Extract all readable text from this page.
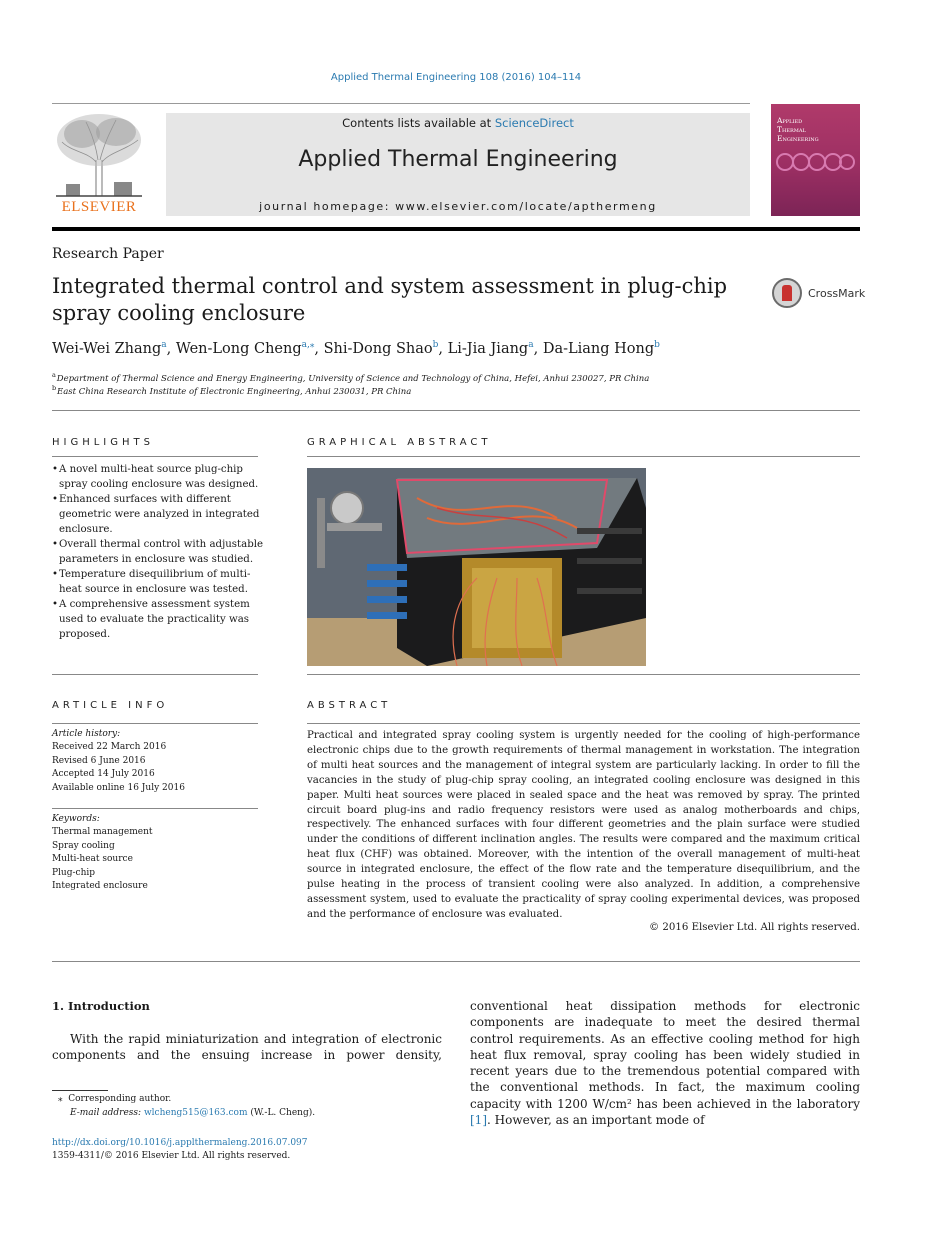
Applied Thermal Engineering 108 (2016) 104–114
ELSEVIER
Contents lists available at ScienceDirect
Applied Thermal Engineering
journal homepage: www.elsevier.com/locate/apthermeng
Applied
Thermal
Engineering
Research Paper
Integrated thermal control and system assessment in plug-chip spray cooling enclosure
CrossMark
Wei-Wei Zhang$^a$, Wen-Long Cheng$^{a,⁎}$, Shi-Dong Shao$^b$, Li-Jia Jiang$^a$, Da-Liang Hong$^b$
$^a$ Department of Thermal Science and Energy Engineering, University of Science and Technology of China, Hefei, Anhui 230027, PR China
$^b$ East China Research Institute of Electronic Engineering, Anhui 230031, PR China
HIGHLIGHTS
• A novel multi-heat source plug-chip spray cooling enclosure was designed.
• Enhanced surfaces with different geometric were analyzed in integrated enclosure.
• Overall thermal control with adjustable parameters in enclosure was studied.
• Temperature disequilibrium of multi-heat source in enclosure was tested.
• A comprehensive assessment system used to evaluate the practicality was proposed.
GRAPHICAL ABSTRACT
ARTICLE INFO
Article history:
Received 22 March 2016
Revised 6 June 2016
Accepted 14 July 2016
Available online 16 July 2016
Keywords:
Thermal management
Spray cooling
Multi-heat source
Plug-chip
Integrated enclosure
ABSTRACT
Practical and integrated spray cooling system is urgently needed for the cooling of high-performance electronic chips due to the growth requirements of thermal management in workstation. The integration of multi heat sources and the management of integral system are particularly lacking. In order to fill the vacancies in the study of plug-chip spray cooling, an integrated cooling enclosure was designed in this paper. Multi heat sources were placed in sealed space and the heat was removed by spray. The printed circuit board plug-ins and radio frequency resistors were used as analog motherboards and chips, respectively. The enhanced surfaces with four different geometries and the plain surface were studied under the conditions of different inclination angles. The results were compared and the maximum critical heat flux (CHF) was obtained. Moreover, with the intention of the overall management of multi-heat source in integrated enclosure, the effect of the flow rate and the temperature disequilibrium, and the pulse heating in the process of transient cooling were also analyzed. In addition, a comprehensive assessment system, used to evaluate the practicality of spray cooling experimental devices, was proposed and the performance of enclosure was evaluated.
© 2016 Elsevier Ltd. All rights reserved.
1. Introduction
With the rapid miniaturization and integration of electronic components and the ensuing increase in power density,
conventional heat dissipation methods for electronic components are inadequate to meet the desired thermal control requirements. As an effective cooling method for high heat flux removal, spray cooling has been widely studied in recent years due to the tremendous potential compared with the conventional methods. In fact, the maximum cooling capacity with 1200 W/cm² has been achieved in the laboratory [1]. However, as an important mode of
⁎ Corresponding author.
E-mail address: wlcheng515@163.com (W.-L. Cheng).
http://dx.doi.org/10.1016/j.applthermaleng.2016.07.097
1359-4311/© 2016 Elsevier Ltd. All rights reserved.
